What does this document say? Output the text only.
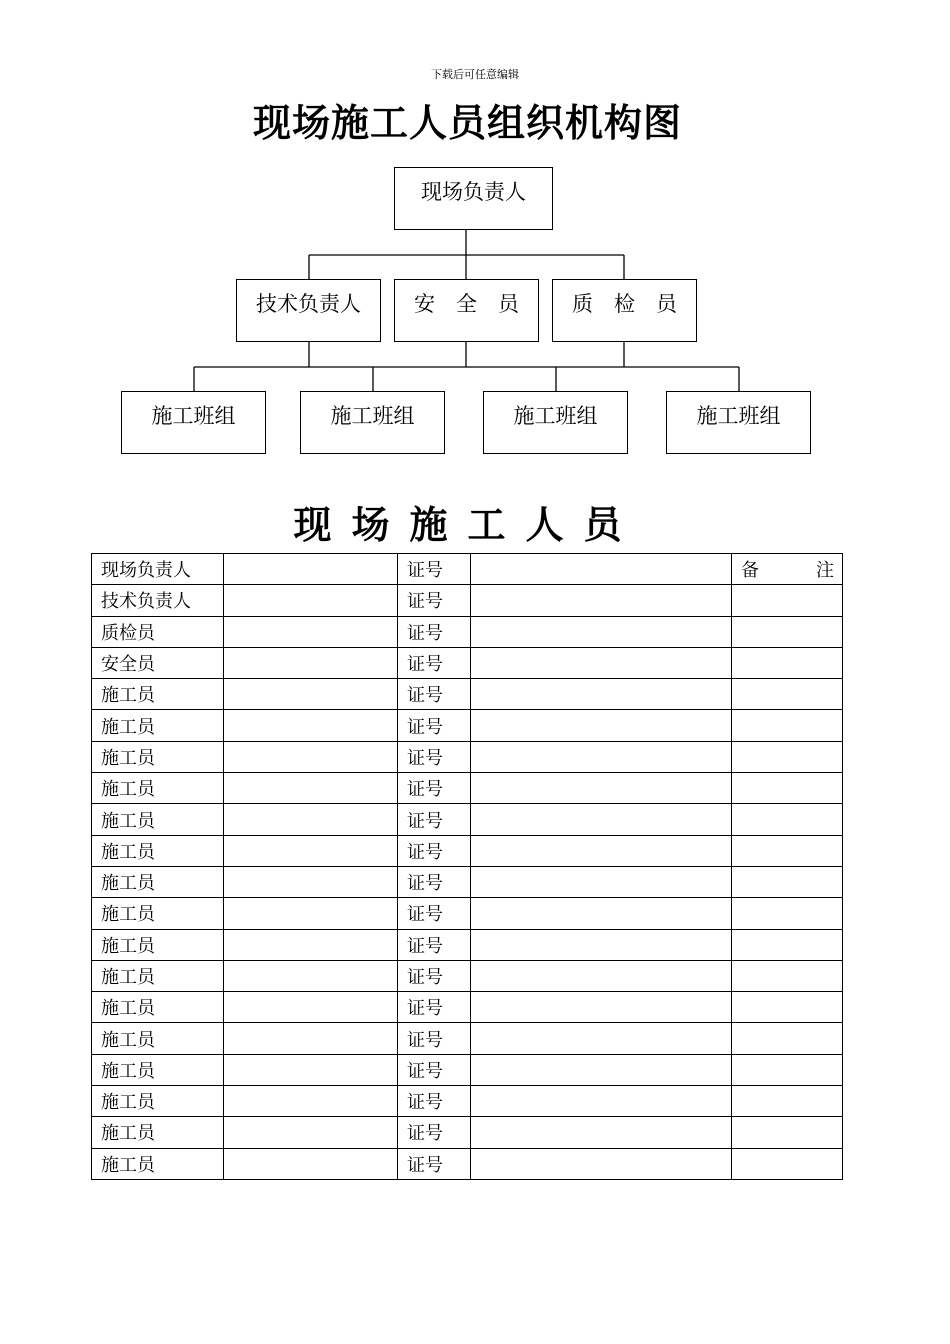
下载后可任意编辑
现场施工人员组织机构图
现场负责人
技术负责人	安　全　员	质　检　员
施工班组	施工班组	施工班组	施工班组
现场施工人员
现场负责人		证号		备 注

技术负责人		证号		
质检员		证号		
安全员		证号		
施工员		证号		
施工员		证号		
施工员		证号		
施工员		证号		
施工员		证号		
施工员		证号		
施工员		证号		
施工员		证号		
施工员		证号		
施工员		证号		
施工员		证号		
施工员		证号		
施工员		证号		
施工员		证号		
施工员		证号		
施工员		证号		
